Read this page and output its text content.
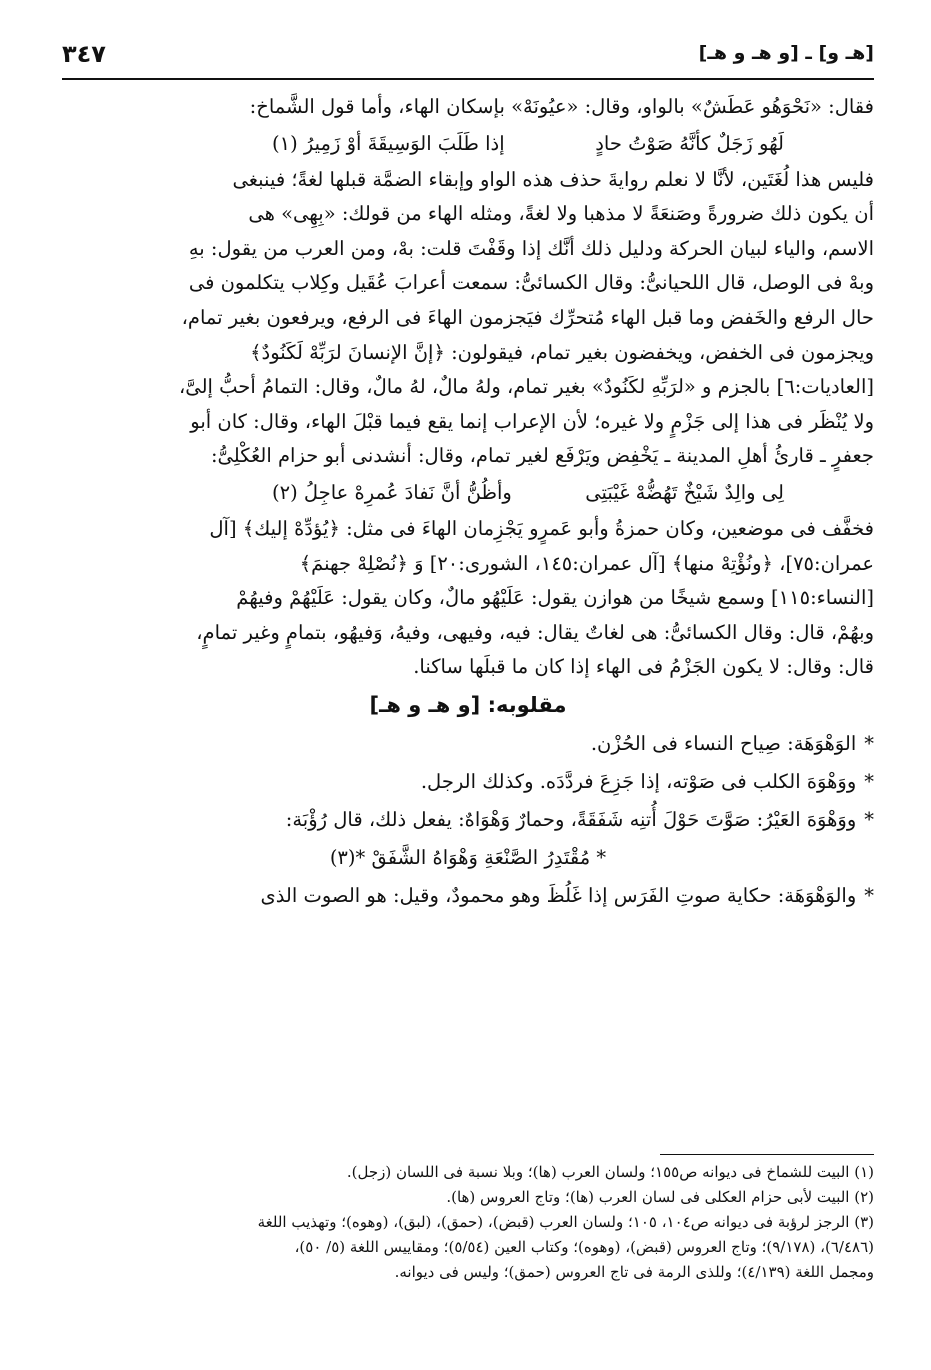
[هـ و] ـ [و هـ و هـ]
٣٤٧

فقال: «نَحْوَهُو عَطَشٌ» بالواو، وقال: «عيُونَهْ» بإسكان الهاء، وأما قول الشَّماخ:

لَهُو زَجَلٌ كأنَّهُ صَوْتُ حادٍ
إذا طَلَبَ الوَسِيقَةَ أوْ زَمِيرُ (١)

فليس هذا لُغَتَين، لأنَّا لا نعلم روايةَ حذف هذه الواو وإبقاء الضمَّة قبلها لغةً؛ فينبغى

أن يكون ذلك ضرورةً وصَنعَةً لا مذهبا ولا لغةً، ومثله الهاء من قولك: «بِهِى» هى

الاسم، والياء لبيان الحركة ودليل ذلك أنَّك إذا وقَفْتَ قلت: بهْ، ومن العرب من يقول: بهِ

وبهْ فى الوصل، قال اللحيانىُّ: وقال الكسائىُّ: سمعت أعرابَ عُقَيل وكِلاب يتكلمون فى

حال الرفع والخَفض وما قبل الهاء مُتحرِّك فيَجزمون الهاءَ فى الرفع، ويرفعون بغير تمام،

ويجزمون فى الخفض، ويخفضون بغير تمام، فيقولون: ﴿إنَّ الإنسانَ لرَبِّهْ لَكَنُودٌ﴾

[العاديات:٦] بالجزم و «لرَبِّهِ لكَنُودٌ» بغير تمام، ولهُ مالٌ، لهُ مالٌ، وقال: التمامُ أحبُّ إلىَّ،

ولا يُنْظَر فى هذا إلى جَزْمٍ ولا غيره؛ لأن الإعراب إنما يقع فيما قبْلَ الهاء، وقال: كان أبو

جعفرٍ ـ قارئُ أهلِ المدينة ـ يَخْفِض ويَرْفَع لغير تمام، وقال: أنشدنى أبو حزام العُكْلِىُّ:

لِى والِدٌ شَيْخٌ تَهُضُّهْ غَيْبَتِى
وأظُنُّ أنَّ نَفادَ عُمرِهْ عاجِلُ (٢)

فخفَّف فى موضعين، وكان حمزةُ وأبو عَمرٍو يَجْزِمان الهاءَ فى مثل: ﴿يُؤدِّهْ إليك﴾ [آل

عمران:٧٥]، ﴿ونُؤْتِهْ منها﴾ [آل عمران:١٤٥، الشورى:٢٠] وَ ﴿نُصْلِهْ جهنمَ﴾

[النساء:١١٥] وسمع شيخًا من هوازن يقول: عَلَيْهُو مالٌ، وكان يقول: عَلَيْهُمْ وفيهُمْ

وبهُمْ، قال: وقال الكسائىُّ: هى لغاتٌ يقال: فيه، وفيهى، وفيهُ، وَفيهُو، بتمامٍ وغير تمامٍ،

قال: وقال: لا يكون الجَزْمُ فى الهاء إذا كان ما قبلَها ساكنا.

مقلوبه: [و هـ و هـ]
*
الوَهْوَهَة: صِياح النساء فى الحُزْن.
*
ووَهْوَهَ الكلب فى صَوْته، إذا جَزِعَ فردَّدَه. وكذلك الرجل.
*
ووَهْوَهَ العَيْرُ: صَوَّتَ حَوْلَ أُتنِه شَفَقَةً، وحمارٌ وَهْوَاهٌ: يفعل ذلك، قال رُؤْبَة:
* مُقْتَدِرُ الصَّنْعَةِ وَهْوَاهُ الشَّفَقْ *(٣)
*
والوَهْوَهَة: حكاية صوتِ الفَرَس إذا غَلُظَ وهو محمودٌ، وقيل: هو الصوت الذى

(١) البيت للشماخ فى ديوانه ص١٥٥؛ ولسان العرب (ها)؛ وبلا نسبة فى اللسان (زجل).

(٢) البيت لأبى حزام العكلى فى لسان العرب (ها)؛ وتاج العروس (ها).

(٣) الرجز لرؤبة فى ديوانه ص١٠٤، ١٠٥؛ ولسان العرب (قبض)، (حمق)، (لبق)، (وهوه)؛ وتهذيب اللغة

(٦/٤٨٦)، (٩/١٧٨)؛ وتاج العروس (قبض)، (وهوه)؛ وكتاب العين (٥/٥٤)؛ ومقاييس اللغة (٥/ ٥٠)،

ومجمل اللغة (٤/١٣٩)؛ وللذى الرمة فى تاج العروس (حمق)؛ وليس فى ديوانه.
